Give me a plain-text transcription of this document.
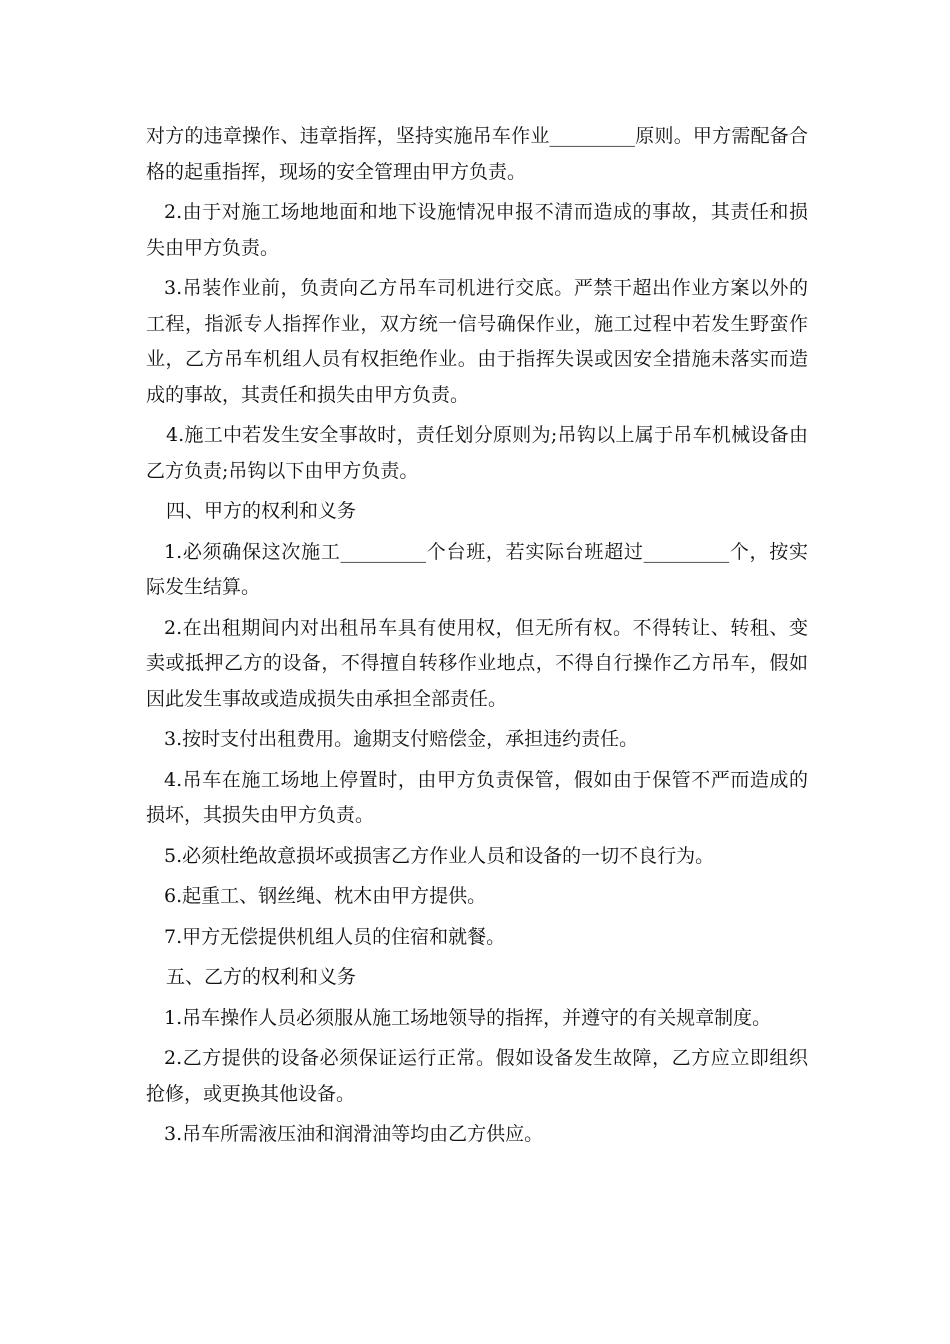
对方的违章操作、违章指挥，坚持实施吊车作业_________原则。甲方需配备合格的起重指挥，现场的安全管理由甲方负责。

2.由于对施工场地地面和地下设施情况申报不清而造成的事故，其责任和损失由甲方负责。

3.吊装作业前，负责向乙方吊车司机进行交底。严禁干超出作业方案以外的工程，指派专人指挥作业，双方统一信号确保作业，施工过程中若发生野蛮作业，乙方吊车机组人员有权拒绝作业。由于指挥失误或因安全措施未落实而造成的事故，其责任和损失由甲方负责。

4.施工中若发生安全事故时，责任划分原则为;吊钩以上属于吊车机械设备由乙方负责;吊钩以下由甲方负责。

四、甲方的权利和义务

1.必须确保这次施工_________个台班，若实际台班超过_________个，按实际发生结算。

2.在出租期间内对出租吊车具有使用权，但无所有权。不得转让、转租、变卖或抵押乙方的设备，不得擅自转移作业地点，不得自行操作乙方吊车，假如因此发生事故或造成损失由承担全部责任。

3.按时支付出租费用。逾期支付赔偿金，承担违约责任。

4.吊车在施工场地上停置时，由甲方负责保管，假如由于保管不严而造成的损坏，其损失由甲方负责。

5.必须杜绝故意损坏或损害乙方作业人员和设备的一切不良行为。

6.起重工、钢丝绳、枕木由甲方提供。

7.甲方无偿提供机组人员的住宿和就餐。

五、乙方的权利和义务

1.吊车操作人员必须服从施工场地领导的指挥，并遵守的有关规章制度。

2.乙方提供的设备必须保证运行正常。假如设备发生故障，乙方应立即组织抢修，或更换其他设备。

3.吊车所需液压油和润滑油等均由乙方供应。
